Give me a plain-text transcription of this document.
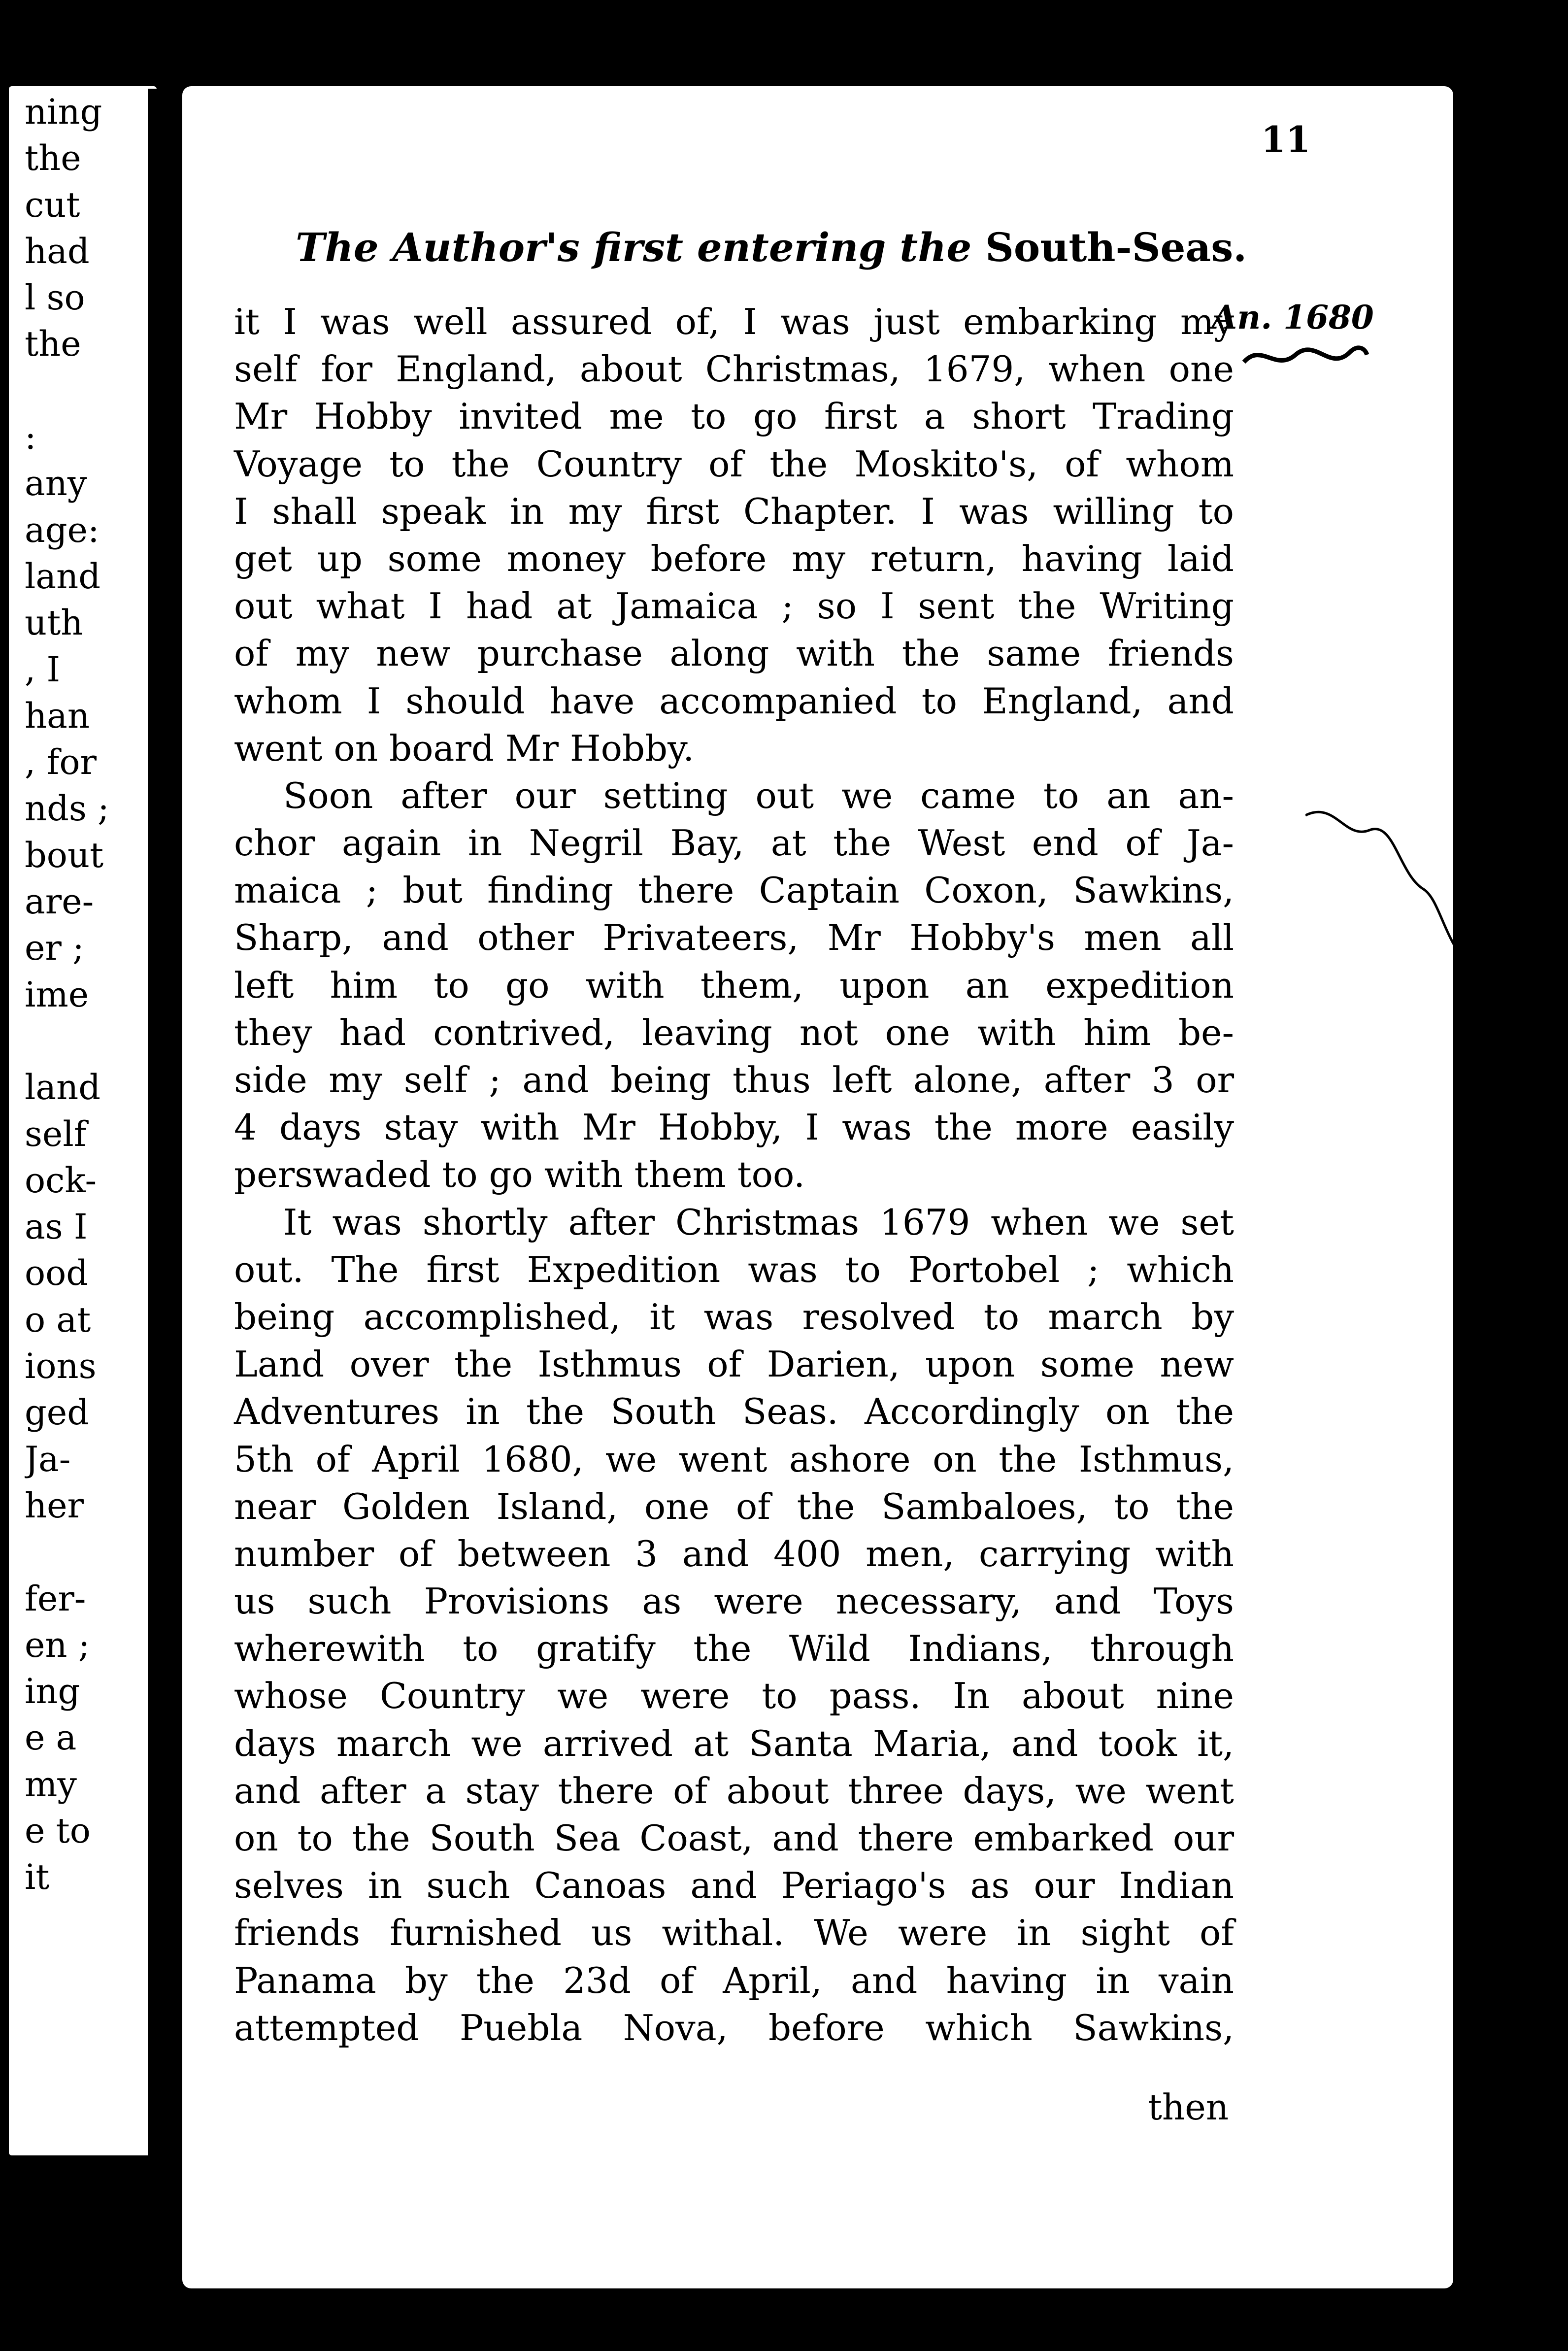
ning
the
cut
had
l so
the
:
any
age:
land
uth
, I
han
, for
nds ;
bout
are-
er ;
ime
land
self
ock-
as I
ood
o at
ions
ged
Ja-
her
fer-
en ;
ing
e a
my
e to
it
11
The Author's first entering the South-Seas.
An. 1680
it I was well assured of, I was just embarking my
self for England, about Christmas, 1679, when one
Mr Hobby invited me to go first a short Trading
Voyage to the Country of the Moskito's, of whom
I shall speak in my first Chapter. I was willing to
get up some money before my return, having laid
out what I had at Jamaica ; so I sent the Writing
of my new purchase along with the same friends
whom I should have accompanied to England, and
went on board Mr Hobby.
Soon after our setting out we came to an an-
chor again in Negril Bay, at the West end of Ja-
maica ; but finding there Captain Coxon, Sawkins,
Sharp, and other Privateers, Mr Hobby's men all
left him to go with them, upon an expedition
they had contrived, leaving not one with him be-
side my self ; and being thus left alone, after 3 or
4 days stay with Mr Hobby, I was the more easily
perswaded to go with them too.
It was shortly after Christmas 1679 when we set
out. The first Expedition was to Portobel ; which
being accomplished, it was resolved to march by
Land over the Isthmus of Darien, upon some new
Adventures in the South Seas. Accordingly on the
5th of April 1680, we went ashore on the Isthmus,
near Golden Island, one of the Sambaloes, to the
number of between 3 and 400 men, carrying with
us such Provisions as were necessary, and Toys
wherewith to gratify the Wild Indians, through
whose Country we were to pass. In about nine
days march we arrived at Santa Maria, and took it,
and after a stay there of about three days, we went
on to the South Sea Coast, and there embarked our
selves in such Canoas and Periago's as our Indian
friends furnished us withal. We were in sight of
Panama by the 23d of April, and having in vain
attempted Puebla Nova, before which Sawkins,
then
